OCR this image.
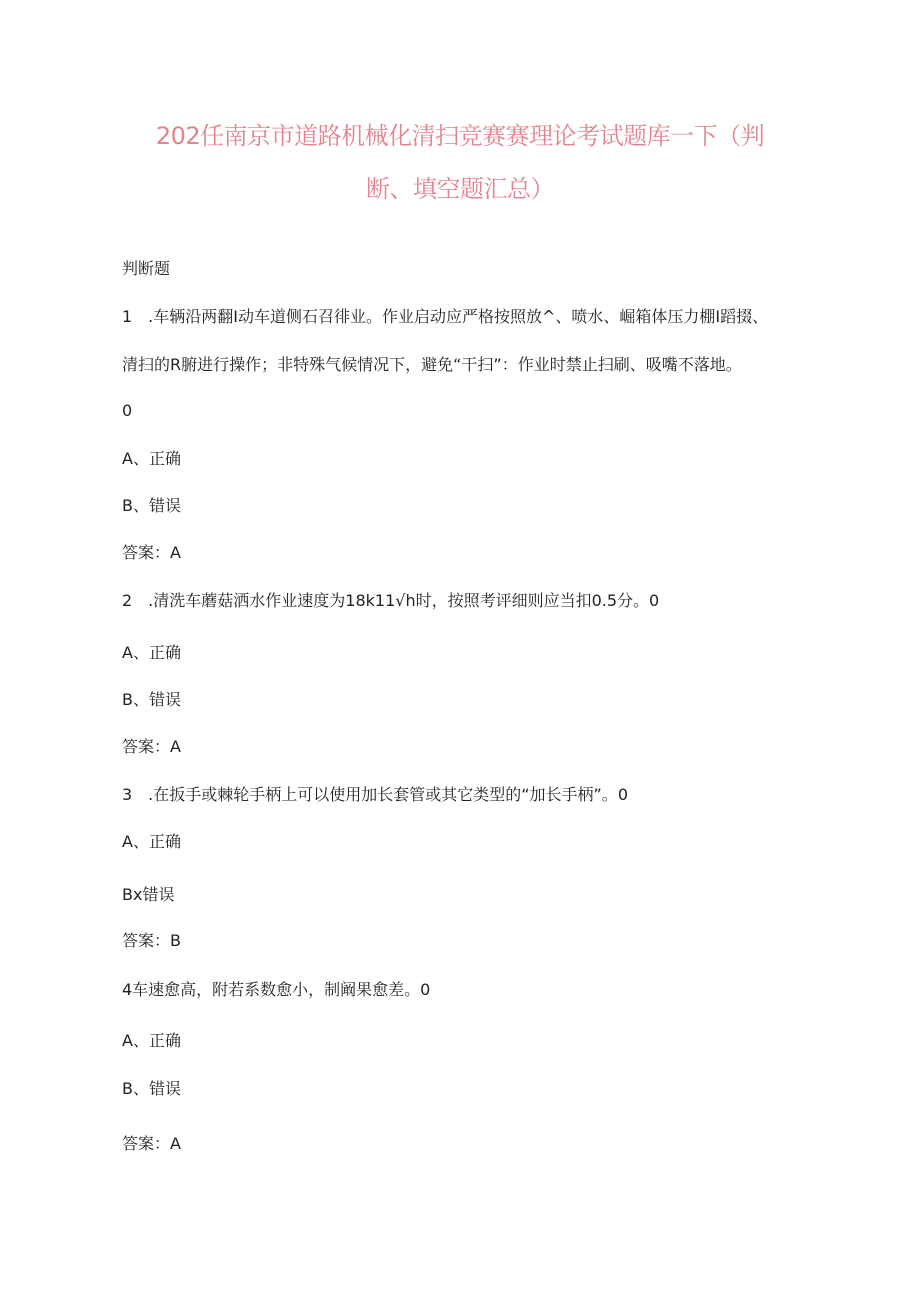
202任南京市道路机械化清扫竞赛赛理论考试题库一下（判
断、填空题汇总）
判断题
1　.车辆沿两翻I动车道侧石召徘业。作业启动应严格按照放^、喷水、崛箱体压力棚I蹈掇、
清扫的R腑进行操作；非特殊气候情况下，避免“干扫”：作业时禁止扫刷、吸嘴不落地。
0
A、正确
B、错误
答案：A
2　.清洗车蘑菇洒水作业速度为18k11√h时，按照考评细则应当扣0.5分。0
A、正确
B、错误
答案：A
3　.在扳手或棘轮手柄上可以使用加长套管或其它类型的“加长手柄”。0
A、正确
Bx错误
答案：B
4车速愈高，附若系数愈小，制阚果愈差。0
A、正确
B、错误
答案：A
